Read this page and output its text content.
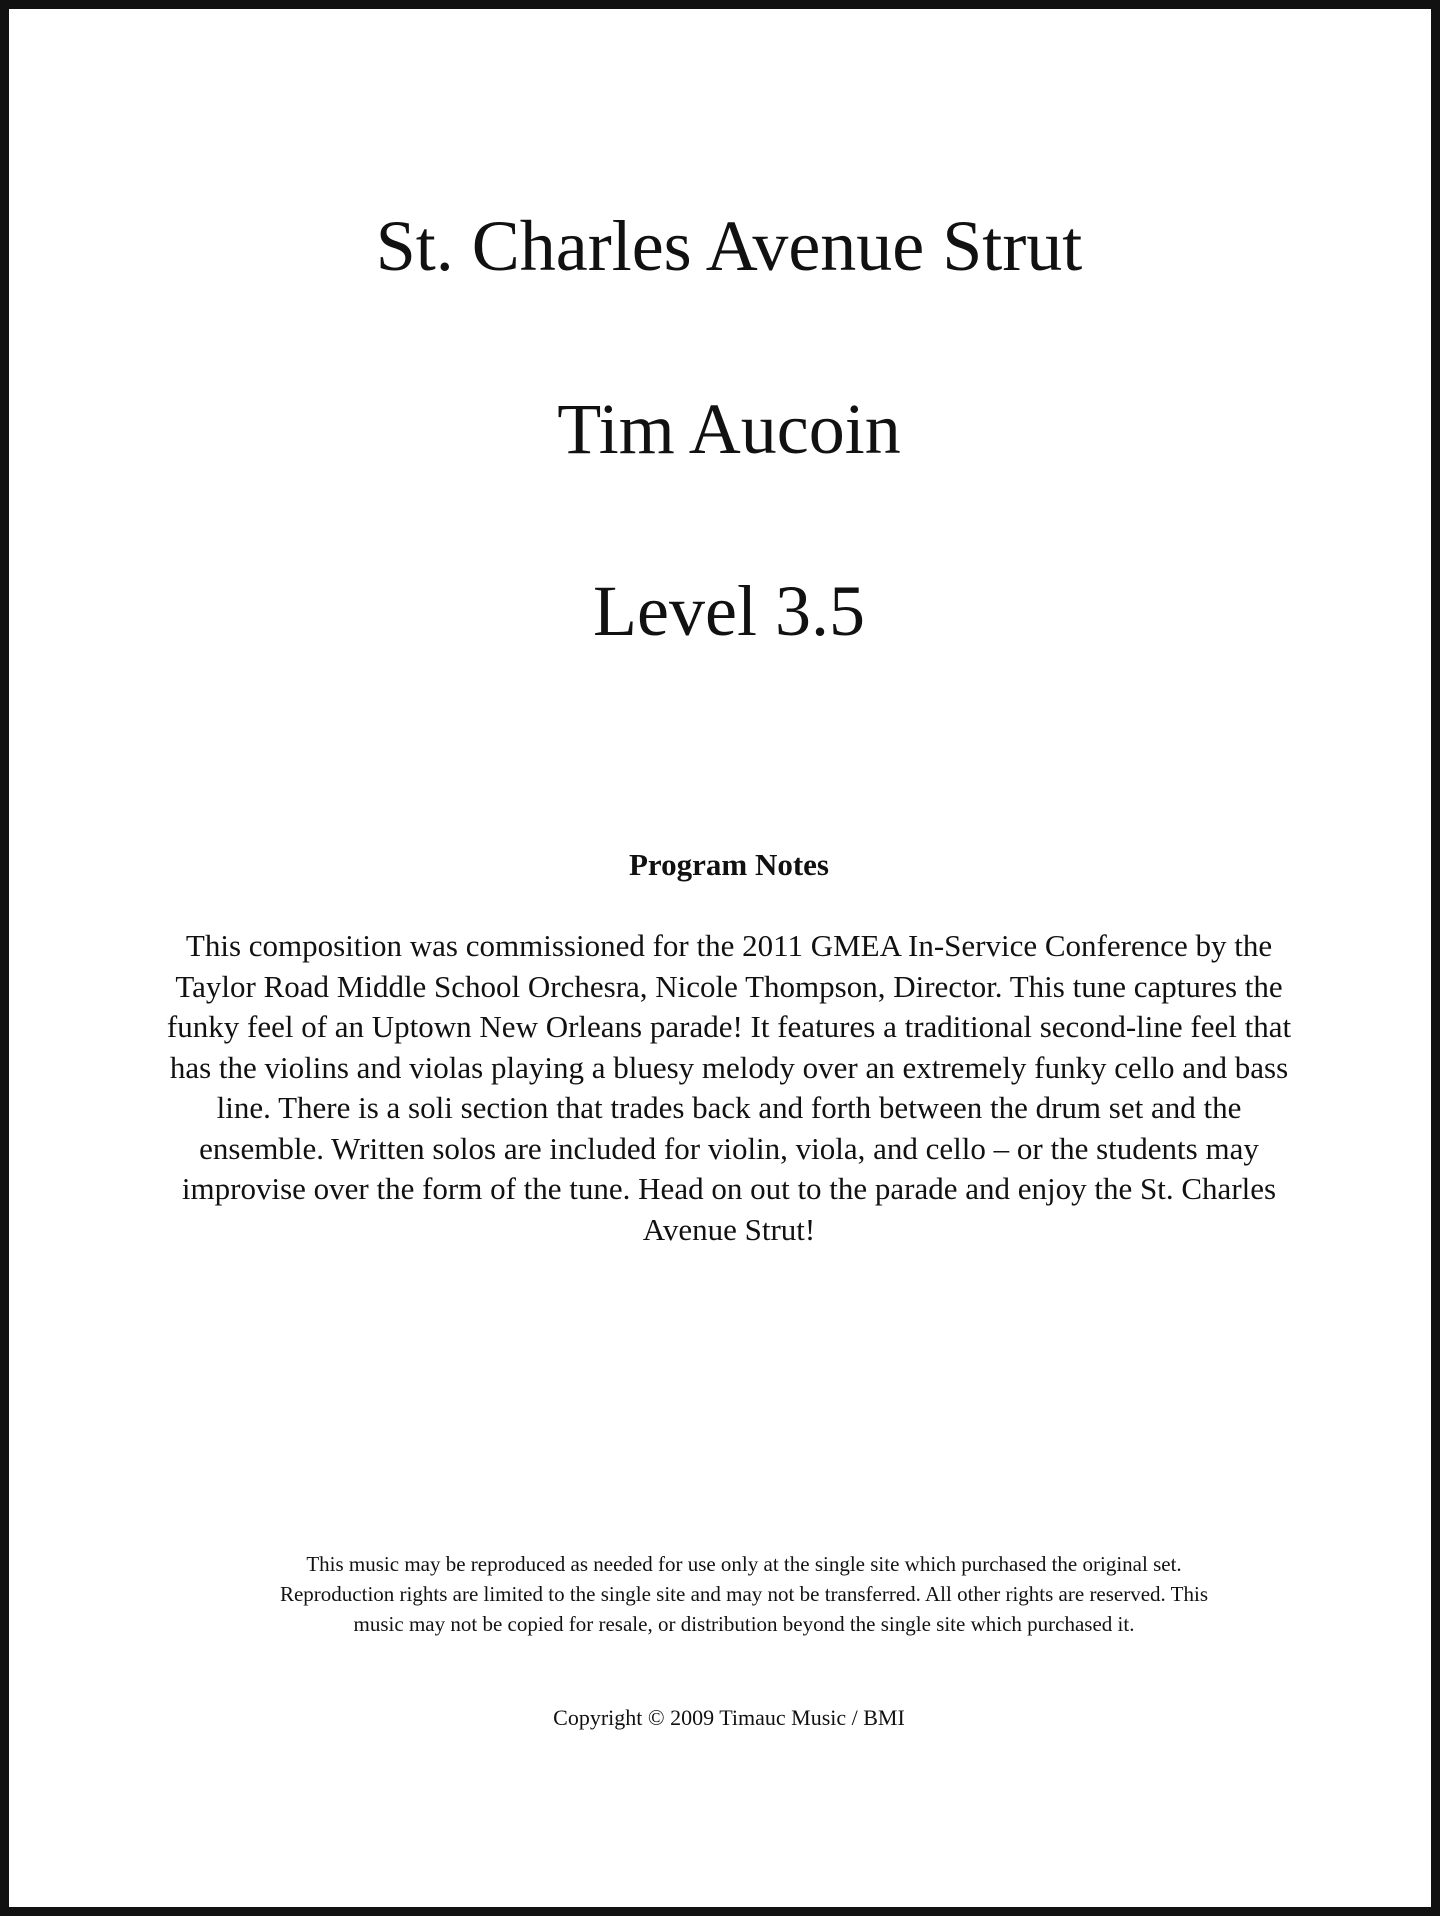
St. Charles Avenue Strut
Tim Aucoin
Level 3.5
Program Notes

This composition was commissioned for the 2011 GMEA In-Service Conference by the Taylor Road Middle School Orchesra, Nicole Thompson, Director. This tune captures the funky feel of an Uptown New Orleans parade! It features a traditional second-line feel that has the violins and violas playing a bluesy melody over an extremely funky cello and bass line. There is a soli section that trades back and forth between the drum set and the ensemble. Written solos are included for violin, viola, and cello – or the students may improvise over the form of the tune. Head on out to the parade and enjoy the St. Charles Avenue Strut!

This music may be reproduced as needed for use only at the single site which purchased the original set. Reproduction rights are limited to the single site and may not be transferred. All other rights are reserved. This music may not be copied for resale, or distribution beyond the single site which purchased it.

Copyright © 2009 Timauc Music / BMI
